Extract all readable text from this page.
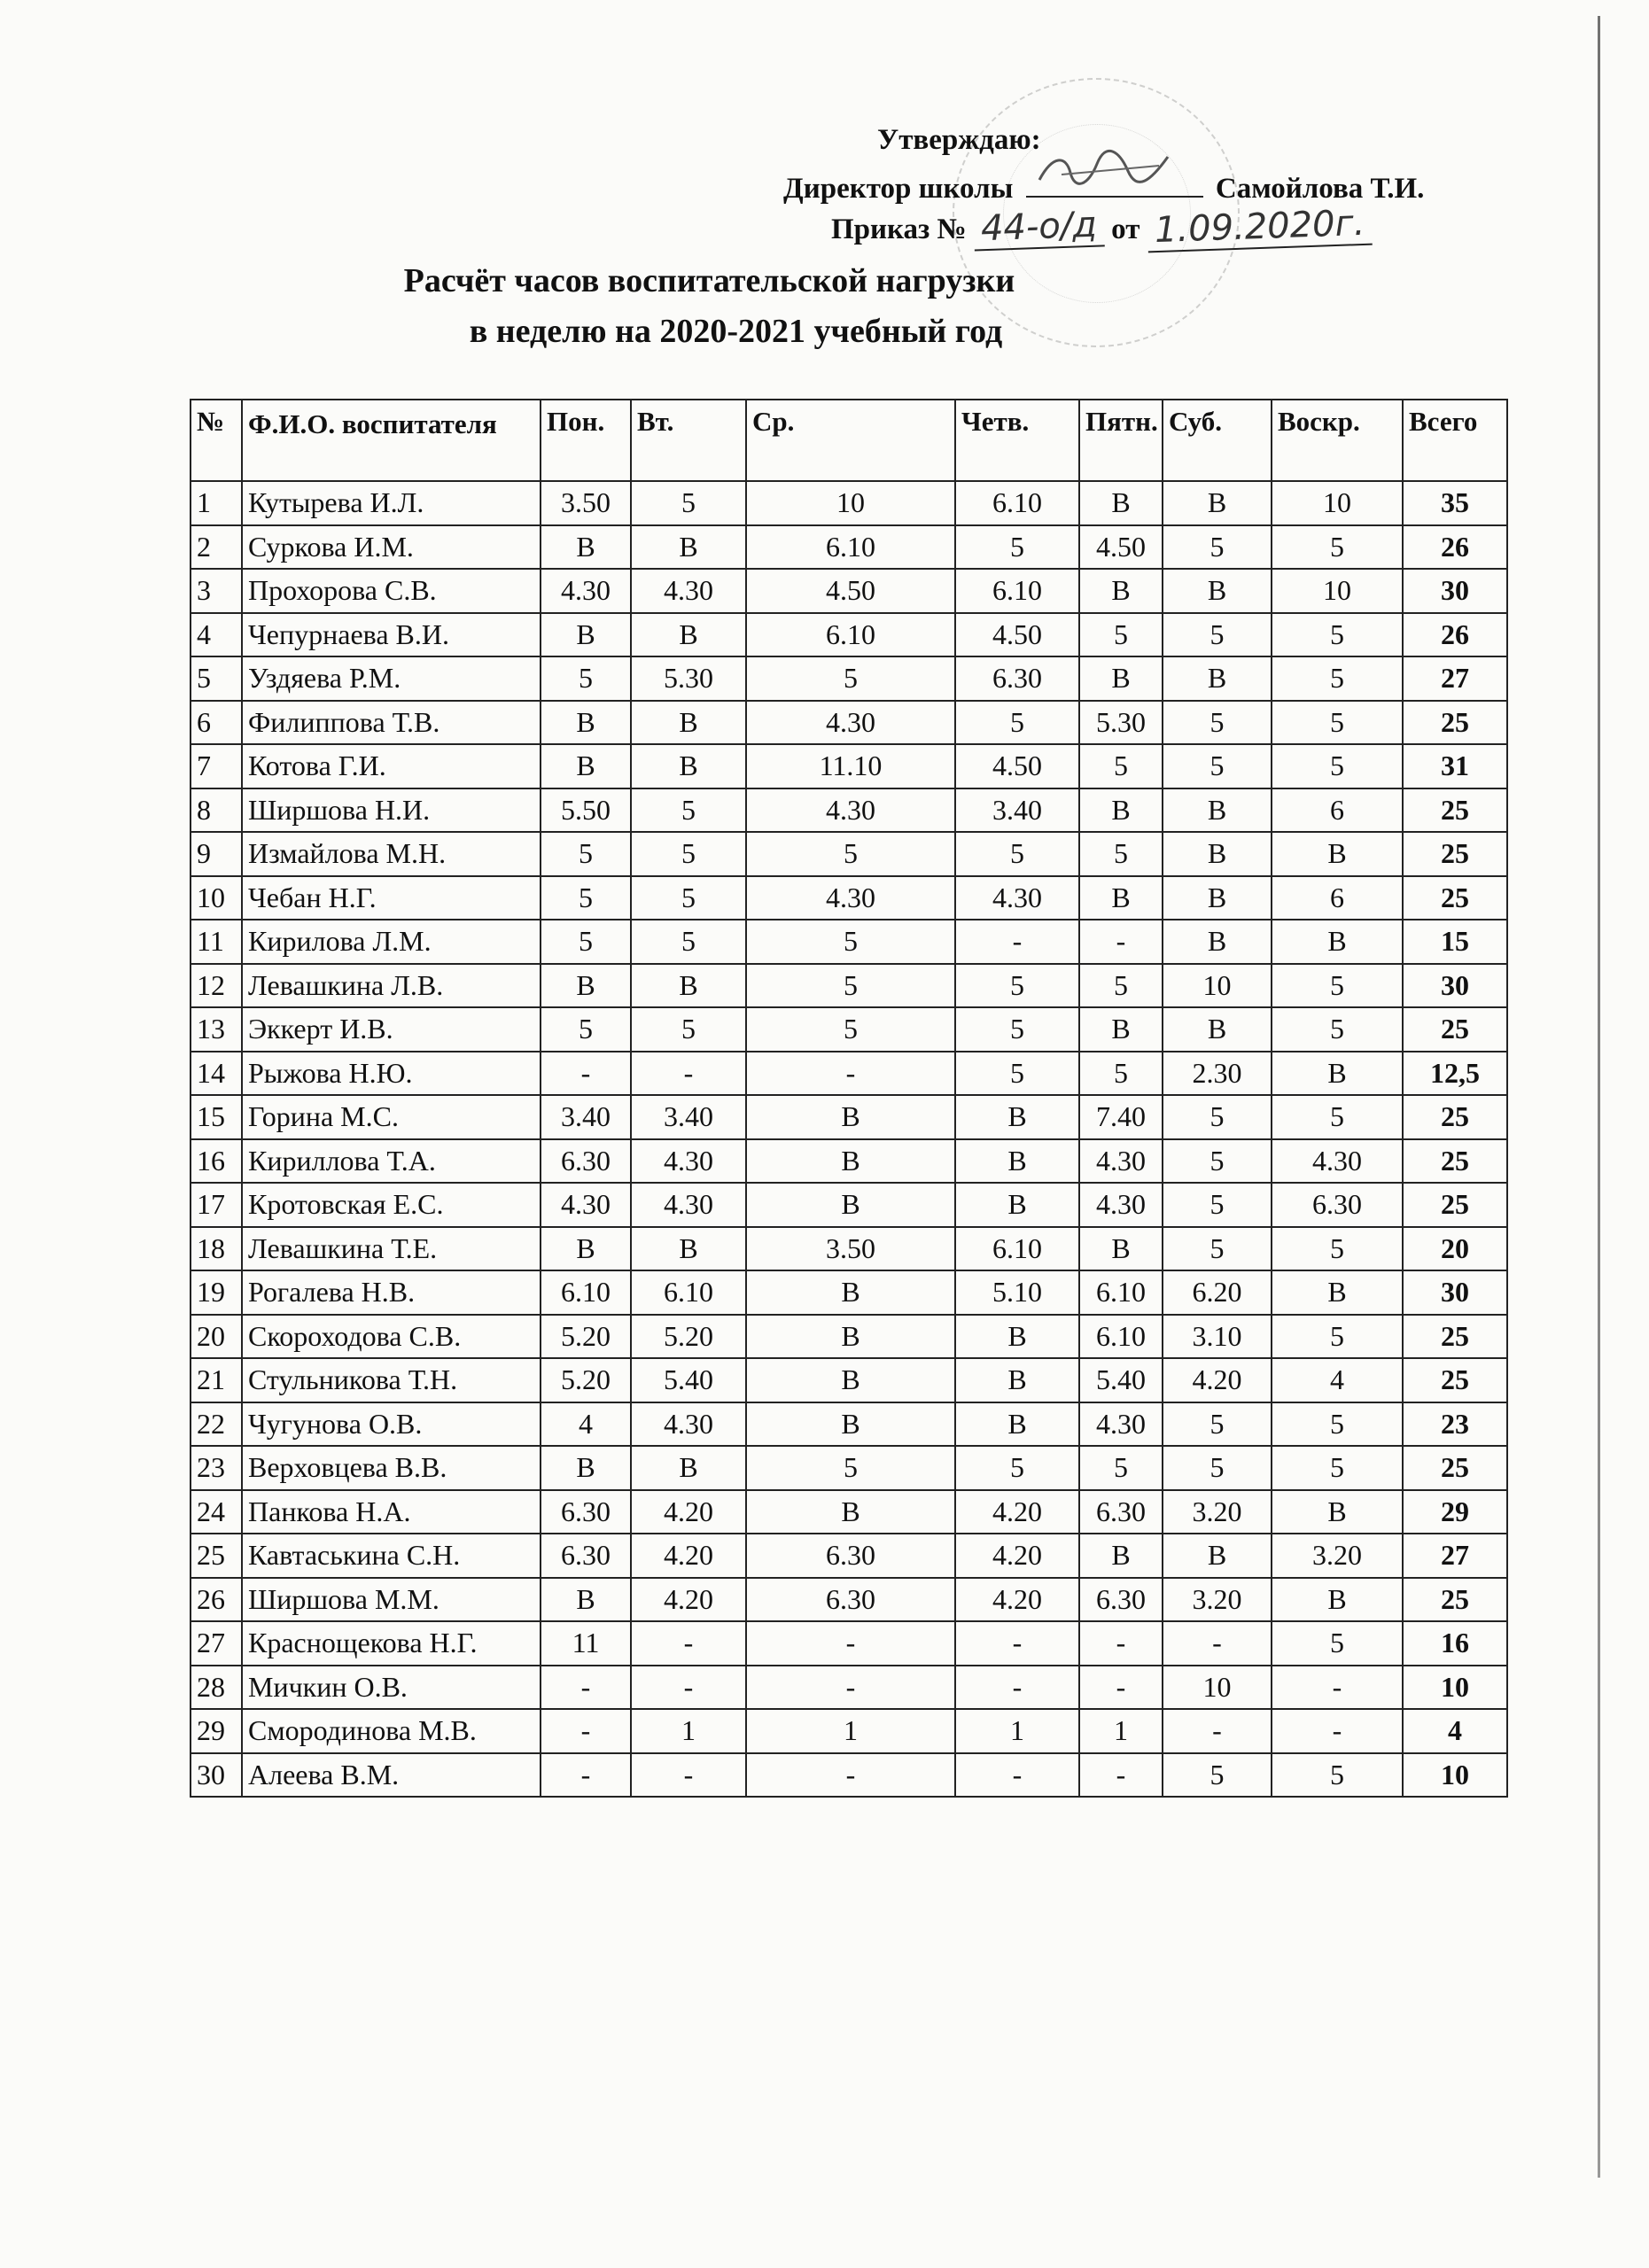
Утверждаю:
Директор школы	Самойлова Т.И.
Приказ № 44-о/д от 1.09.2020г.
Расчёт часов воспитательской нагрузки
в неделю на 2020-2021 учебный год
№	Ф.И.О. воспитателя	Пон.	Вт.	Ср.	Четв.	Пятн.	Суб.	Воскр.	Всего
1	Кутырева И.Л.	3.50	5	10	6.10	В	В	10	35
2	Суркова И.М.	В	В	6.10	5	4.50	5	5	26
3	Прохорова С.В.	4.30	4.30	4.50	6.10	В	В	10	30
4	Чепурнаева В.И.	В	В	6.10	4.50	5	5	5	26
5	Уздяева Р.М.	5	5.30	5	6.30	В	В	5	27
6	Филиппова Т.В.	В	В	4.30	5	5.30	5	5	25
7	Котова Г.И.	В	В	11.10	4.50	5	5	5	31
8	Ширшова Н.И.	5.50	5	4.30	3.40	В	В	6	25
9	Измайлова М.Н.	5	5	5	5	5	В	В	25
10	Чебан Н.Г.	5	5	4.30	4.30	В	В	6	25
11	Кирилова Л.М.	5	5	5	-	-	В	В	15
12	Левашкина Л.В.	В	В	5	5	5	10	5	30
13	Эккерт И.В.	5	5	5	5	В	В	5	25
14	Рыжова Н.Ю.	-	-	-	5	5	2.30	В	12,5
15	Горина М.С.	3.40	3.40	В	В	7.40	5	5	25
16	Кириллова Т.А.	6.30	4.30	В	В	4.30	5	4.30	25
17	Кротовская Е.С.	4.30	4.30	В	В	4.30	5	6.30	25
18	Левашкина Т.Е.	В	В	3.50	6.10	В	5	5	20
19	Рогалева Н.В.	6.10	6.10	В	5.10	6.10	6.20	В	30
20	Скороходова С.В.	5.20	5.20	В	В	6.10	3.10	5	25
21	Стульникова Т.Н.	5.20	5.40	В	В	5.40	4.20	4	25
22	Чугунова О.В.	4	4.30	В	В	4.30	5	5	23
23	Верховцева В.В.	В	В	5	5	5	5	5	25
24	Панкова Н.А.	6.30	4.20	В	4.20	6.30	3.20	В	29
25	Кавтаськина С.Н.	6.30	4.20	6.30	4.20	В	В	3.20	27
26	Ширшова М.М.	В	4.20	6.30	4.20	6.30	3.20	В	25
27	Краснощекова Н.Г.	11	-	-	-	-	-	5	16
28	Мичкин О.В.	-	-	-	-	-	10	-	10
29	Смородинова М.В.	-	1	1	1	1	-	-	4
30	Алеева В.М.	-	-	-	-	-	5	5	10
